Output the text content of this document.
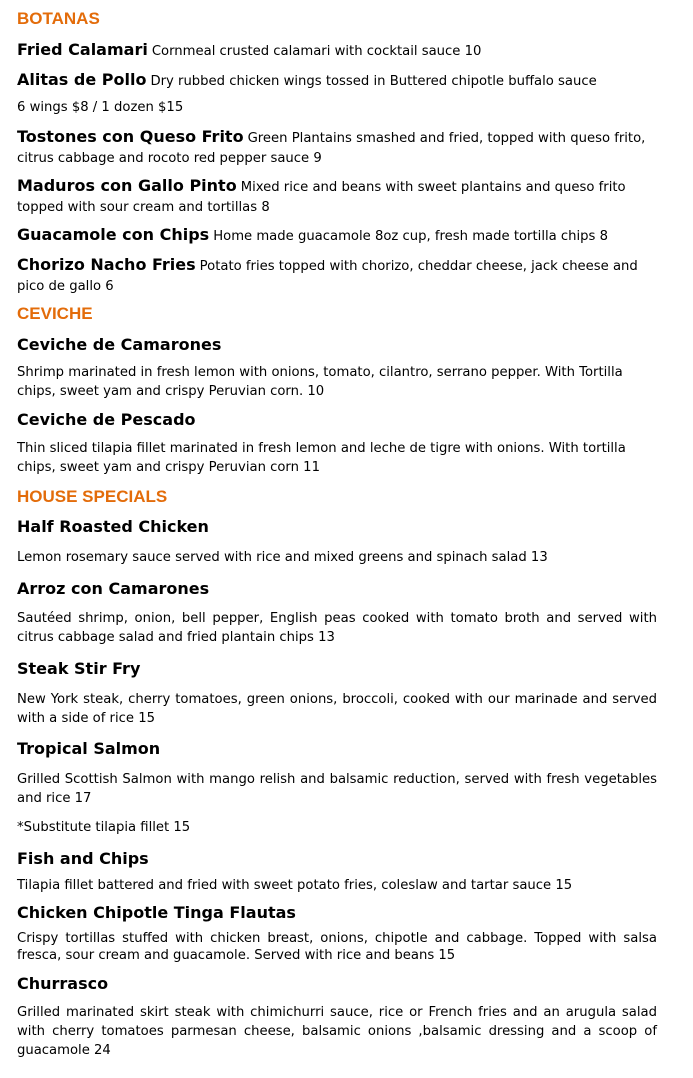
BOTANAS
Fried Calamari Cornmeal crusted calamari with cocktail sauce 10
Alitas de Pollo Dry rubbed chicken wings tossed in Buttered chipotle buffalo sauce
6 wings $8 / 1 dozen $15
Tostones con Queso Frito Green Plantains smashed and fried, topped with queso frito, citrus cabbage and rocoto red pepper sauce 9
Maduros con Gallo Pinto Mixed rice and beans with sweet plantains and queso frito topped with sour cream and tortillas 8
Guacamole con Chips Home made guacamole 8oz cup, fresh made tortilla chips 8
Chorizo Nacho Fries Potato fries topped with chorizo, cheddar cheese, jack cheese and pico de gallo 6
CEVICHE
Ceviche de Camarones
Shrimp marinated in fresh lemon with onions, tomato, cilantro, serrano pepper. With Tortilla chips, sweet yam and crispy Peruvian corn. 10
Ceviche de Pescado
Thin sliced tilapia fillet marinated in fresh lemon and leche de tigre with onions. With tortilla chips, sweet yam and crispy Peruvian corn 11
HOUSE SPECIALS
Half Roasted Chicken
Lemon rosemary sauce served with rice and mixed greens and spinach salad 13
Arroz con Camarones
Sautéed shrimp, onion, bell pepper, English peas cooked with tomato broth and served with citrus cabbage salad and fried plantain chips 13
Steak Stir Fry
New York steak, cherry tomatoes, green onions, broccoli, cooked with our marinade and served with a side of rice 15
Tropical Salmon
Grilled Scottish Salmon with mango relish and balsamic reduction, served with fresh vegetables and rice 17
*Substitute tilapia fillet 15
Fish and Chips
Tilapia fillet battered and fried with sweet potato fries, coleslaw and tartar sauce 15
Chicken Chipotle Tinga Flautas
Crispy tortillas stuffed with chicken breast, onions, chipotle and cabbage. Topped with salsa fresca, sour cream and guacamole. Served with rice and beans 15
Churrasco
Grilled marinated skirt steak with chimichurri sauce, rice or French fries and an arugula salad with cherry tomatoes parmesan cheese, balsamic onions ,balsamic dressing and a scoop of guacamole 24
